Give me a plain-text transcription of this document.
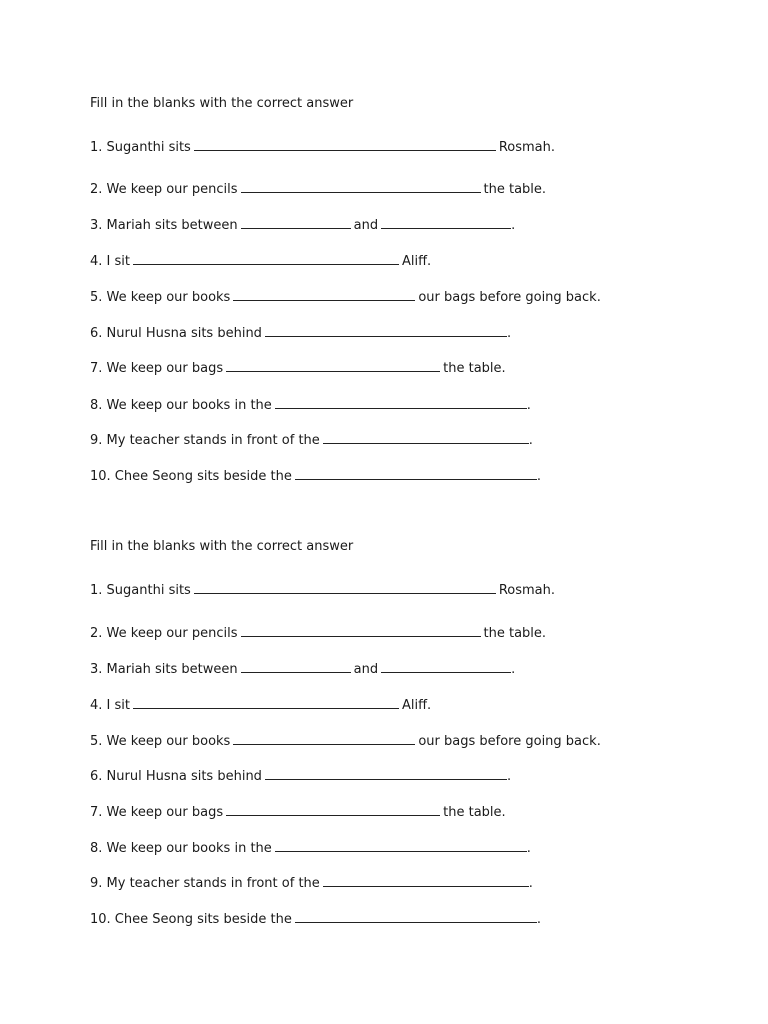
Fill in the blanks with the correct answer
1. Suganthi sits	Rosmah.
2. We keep our pencils	the table.
3. Mariah sits between	and	.
4. I sit	Aliff.
5. We keep our books	our bags before going back.
6. Nurul Husna sits behind	.
7. We keep our bags	the table.
8. We keep our books in the	.
9. My teacher stands in front of the	.
10. Chee Seong sits beside the	.
Fill in the blanks with the correct answer
1. Suganthi sits	Rosmah.
2. We keep our pencils	the table.
3. Mariah sits between	and	.
4. I sit	Aliff.
5. We keep our books	our bags before going back.
6. Nurul Husna sits behind	.
7. We keep our bags	the table.
8. We keep our books in the	.
9. My teacher stands in front of the	.
10. Chee Seong sits beside the	.
